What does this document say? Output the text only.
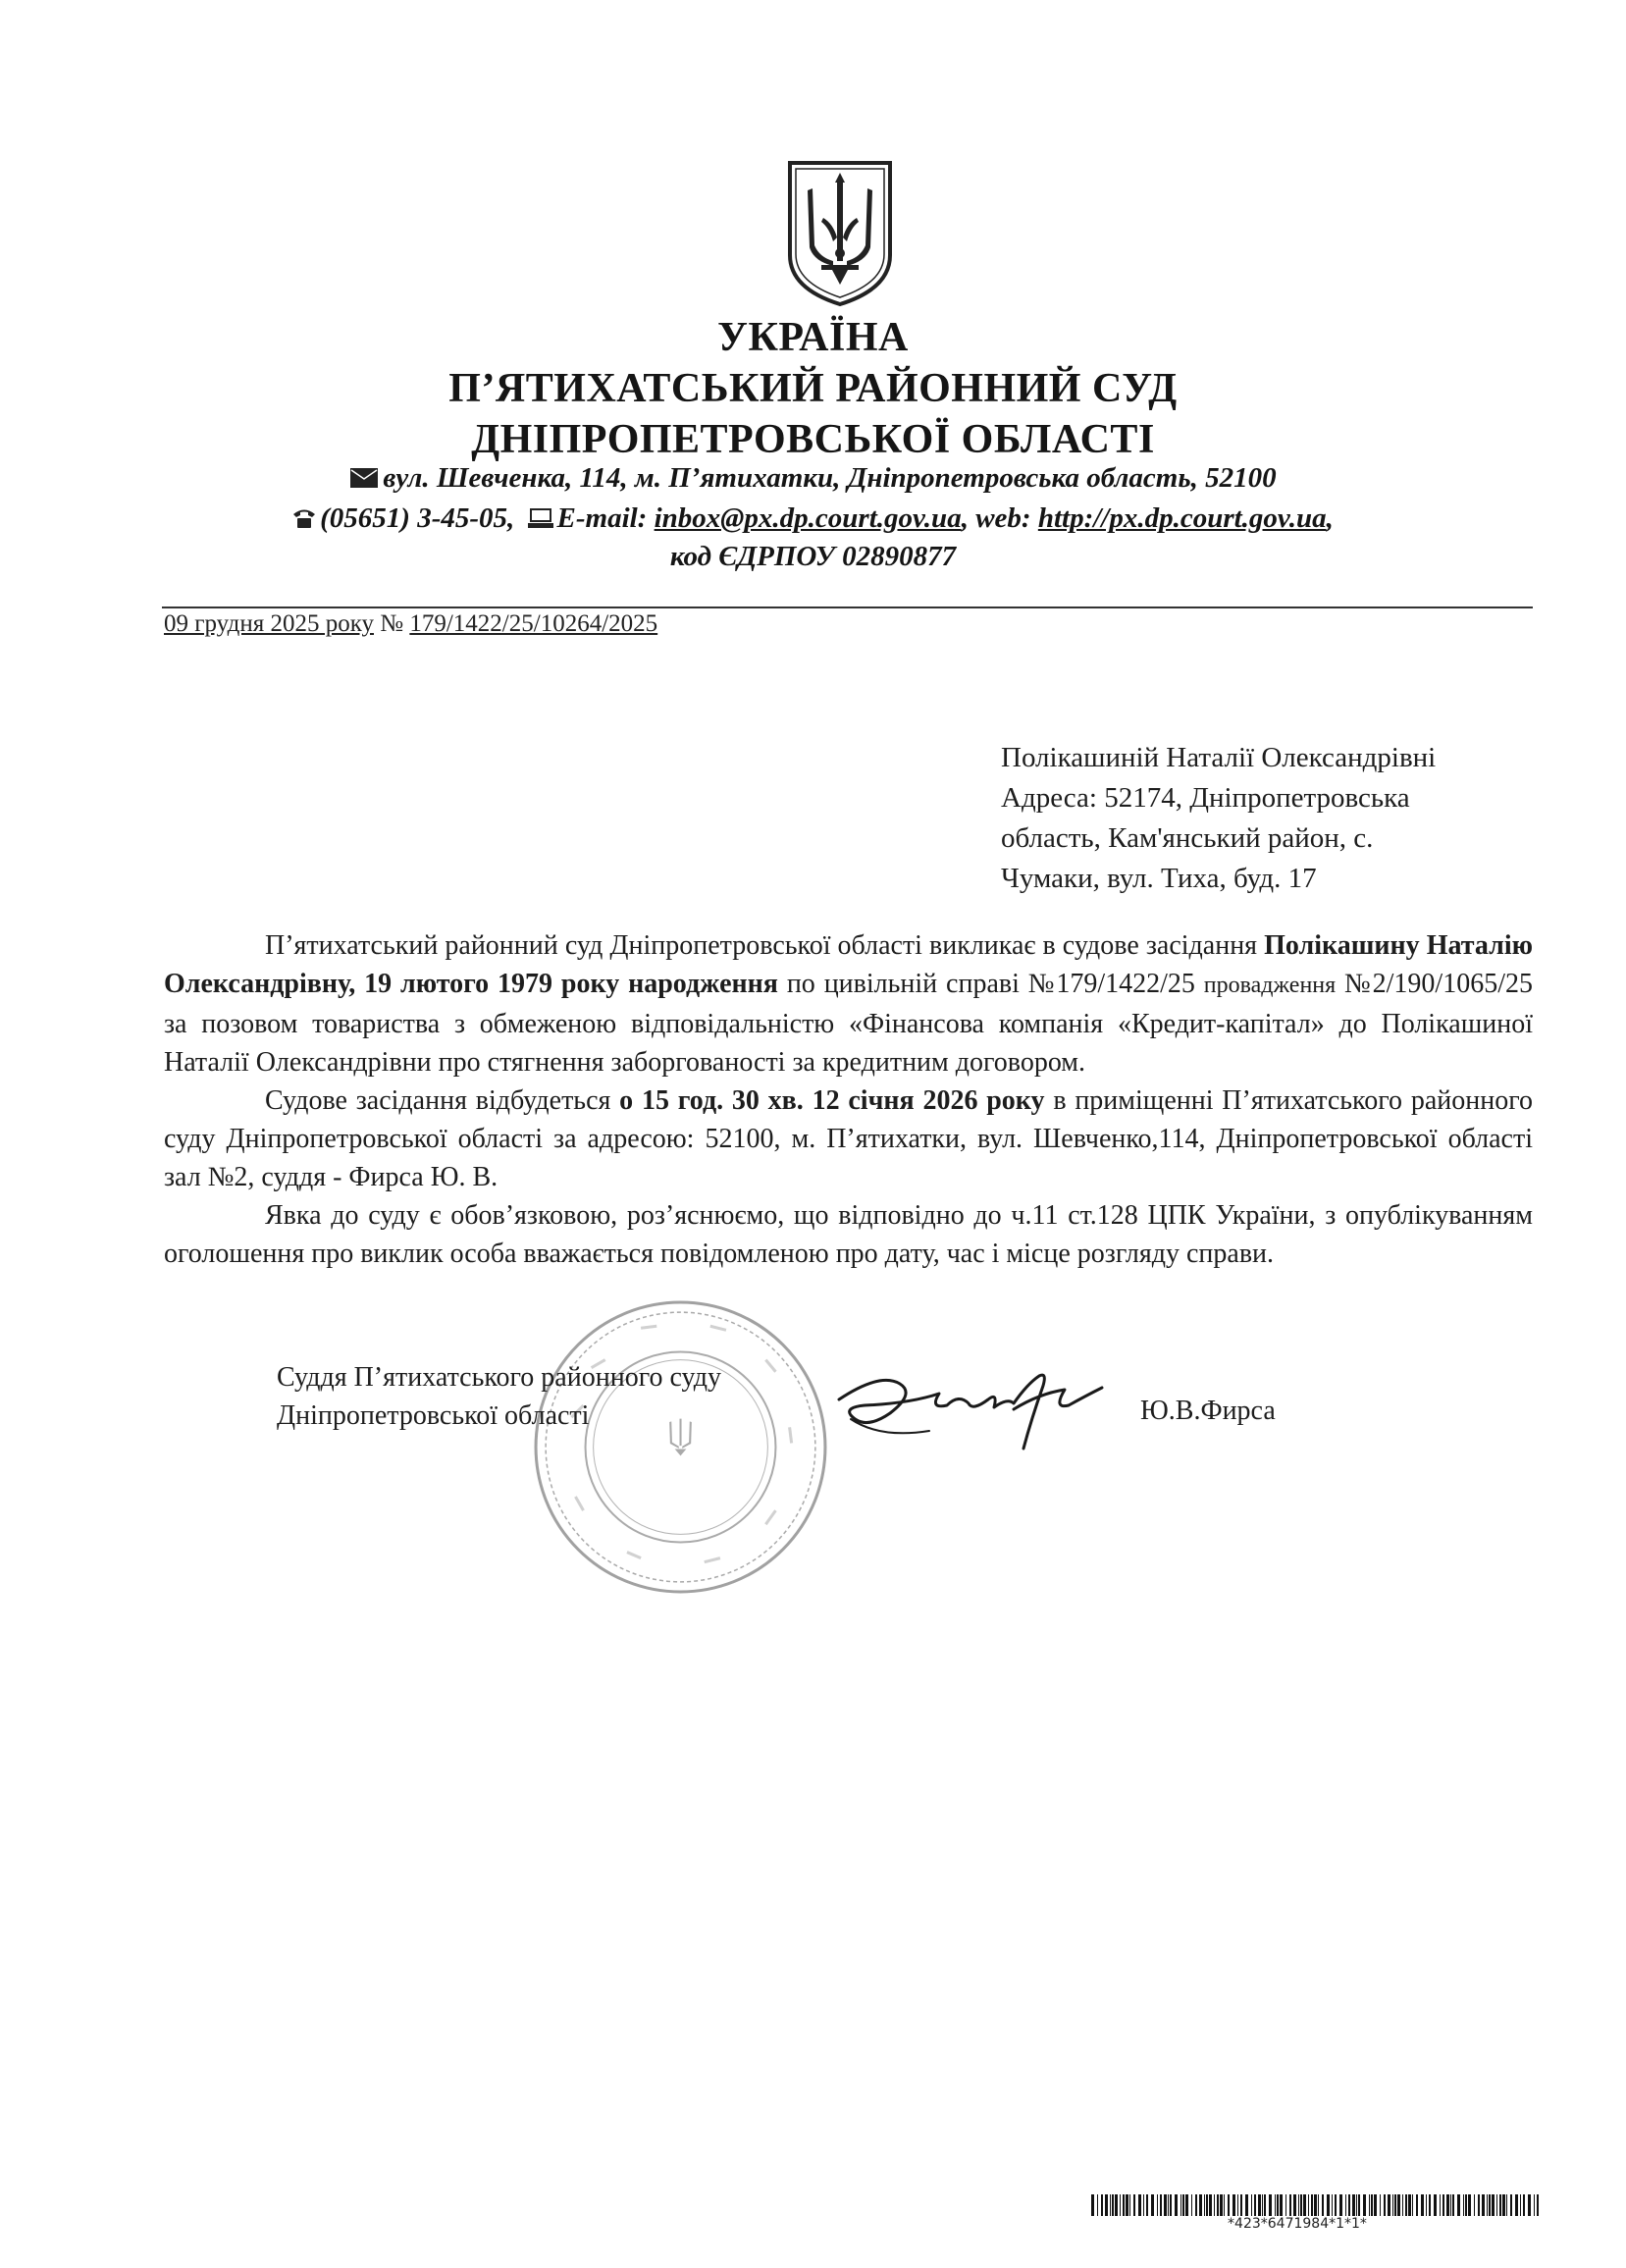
УКРАЇНА
П’ЯТИХАТСЬКИЙ РАЙОННИЙ СУД
ДНІПРОПЕТРОВСЬКОЇ ОБЛАСТІ
вул. Шевченка, 114, м. П’ятихатки, Дніпропетровська область, 52100
(05651) 3-45-05, E-mail: inbox@px.dp.court.gov.ua, web: http://px.dp.court.gov.ua,
код ЄДРПОУ 02890877
09 грудня 2025 року № 179/1422/25/10264/2025
Полікашиній Наталії Олександрівні
Адреса: 52174, Дніпропетровська
область, Кам'янський район, с.
Чумаки, вул. Тиха, буд. 17

П’ятихатський районний суд Дніпропетровської області викликає в судове засідання Полікашину Наталію Олександрівну, 19 лютого 1979 року народження по цивільній справі №179/1422/25 провадження №2/190/1065/25 за позовом товариства з обмеженою відповідальністю «Фінансова компанія «Кредит-капітал» до Полікашиної Наталії Олександрівни про стягнення заборгованості за кредитним договором.

Судове засідання відбудеться о 15 год. 30 хв. 12 січня 2026 року в приміщенні П’ятихатського районного суду Дніпропетровської області за адресою: 52100, м. П’ятихатки, вул. Шевченко,114, Дніпропетровської області зал №2, суддя - Фирса Ю. В.

Явка до суду є обов’язковою, роз’яснюємо, що відповідно до ч.11 ст.128 ЦПК України, з опублікуванням оголошення про виклик особа вважається повідомленою про дату, час і місце розгляду справи.

Суддя П’ятихатського районного суду
Дніпропетровської області	Ю.В.Фирса
*423*6471984*1*1*
